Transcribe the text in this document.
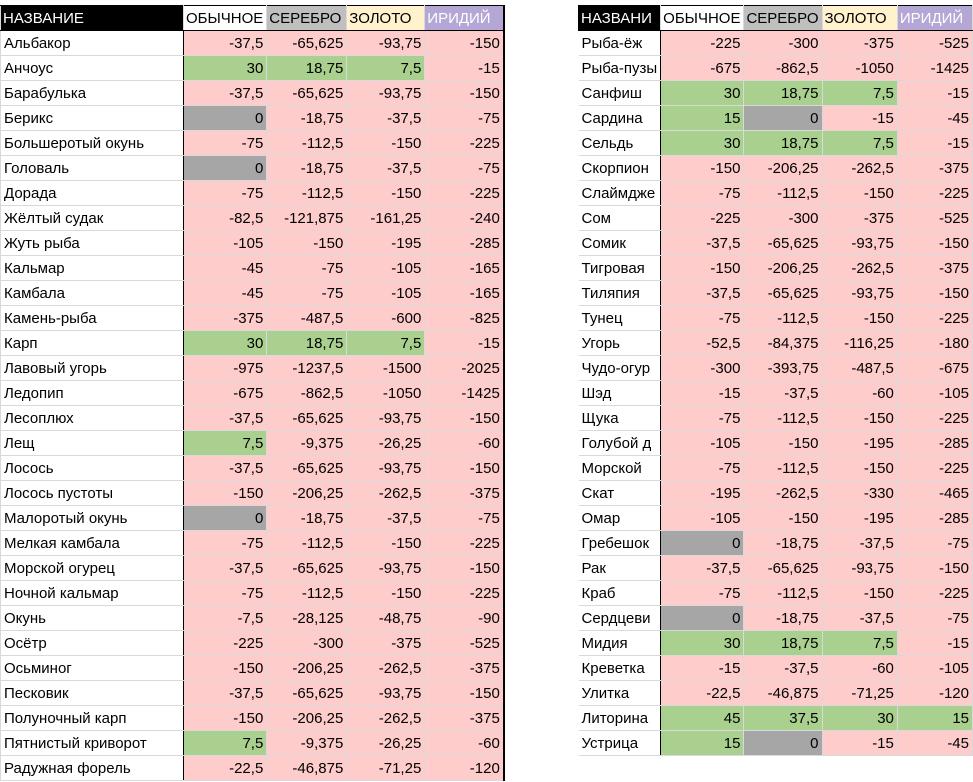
НАЗВАНИЕ	ОБЫЧНОЕ	СЕРЕБРО	ЗОЛОТО	ИРИДИЙ
Альбакор	-37,5	-65,625	-93,75	-150
Анчоус	30	18,75	7,5	-15
Барабулька	-37,5	-65,625	-93,75	-150
Берикс	0	-18,75	-37,5	-75
Большеротый окунь	-75	-112,5	-150	-225
Головаль	0	-18,75	-37,5	-75
Дорада	-75	-112,5	-150	-225
Жёлтый судак	-82,5	-121,875	-161,25	-240
Жуть рыба	-105	-150	-195	-285
Кальмар	-45	-75	-105	-165
Камбала	-45	-75	-105	-165
Камень-рыба	-375	-487,5	-600	-825
Карп	30	18,75	7,5	-15
Лавовый угорь	-975	-1237,5	-1500	-2025
Ледопип	-675	-862,5	-1050	-1425
Лесоплюх	-37,5	-65,625	-93,75	-150
Лещ	7,5	-9,375	-26,25	-60
Лосось	-37,5	-65,625	-93,75	-150
Лосось пустоты	-150	-206,25	-262,5	-375
Малоротый окунь	0	-18,75	-37,5	-75
Мелкая камбала	-75	-112,5	-150	-225
Морской огурец	-37,5	-65,625	-93,75	-150
Ночной кальмар	-75	-112,5	-150	-225
Окунь	-7,5	-28,125	-48,75	-90
Осётр	-225	-300	-375	-525
Осьминог	-150	-206,25	-262,5	-375
Песковик	-37,5	-65,625	-93,75	-150
Полуночный карп	-150	-206,25	-262,5	-375
Пятнистый криворот	7,5	-9,375	-26,25	-60
Радужная форель	-22,5	-46,875	-71,25	-120
НАЗВАНИ	ОБЫЧНОЕ	СЕРЕБРО	ЗОЛОТО	ИРИДИЙ
Рыба-ёж	-225	-300	-375	-525
Рыба-пузы	-675	-862,5	-1050	-1425
Санфиш	30	18,75	7,5	-15
Сардина	15	0	-15	-45
Сельдь	30	18,75	7,5	-15
Скорпион	-150	-206,25	-262,5	-375
Слаймдже	-75	-112,5	-150	-225
Сом	-225	-300	-375	-525
Сомик	-37,5	-65,625	-93,75	-150
Тигровая	-150	-206,25	-262,5	-375
Тиляпия	-37,5	-65,625	-93,75	-150
Тунец	-75	-112,5	-150	-225
Угорь	-52,5	-84,375	-116,25	-180
Чудо-огур	-300	-393,75	-487,5	-675
Шэд	-15	-37,5	-60	-105
Щука	-75	-112,5	-150	-225
Голубой д	-105	-150	-195	-285
Морской	-75	-112,5	-150	-225
Скат	-195	-262,5	-330	-465
Омар	-105	-150	-195	-285
Гребешок	0	-18,75	-37,5	-75
Рак	-37,5	-65,625	-93,75	-150
Краб	-75	-112,5	-150	-225
Сердцеви	0	-18,75	-37,5	-75
Мидия	30	18,75	7,5	-15
Креветка	-15	-37,5	-60	-105
Улитка	-22,5	-46,875	-71,25	-120
Литорина	45	37,5	30	15
Устрица	15	0	-15	-45
